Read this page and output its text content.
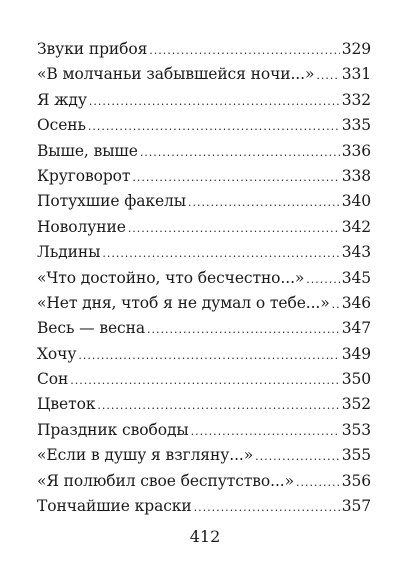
Звуки прибоя .....	329
«В молчаньи забывшейся ночи...» ..... 331
Я жду .....	332
Осень .....	335
Выше, выше .....	336
Круговорот .....	338
Потухшие факелы .....	340
Новолуние .....	342
Льдины .....	343
«Что достойно, что бесчестно...» ..... 345
«Нет дня, чтоб я не думал о тебе...» ..... 346
Весь — весна .....	347
Хочу .....	349
Сон .....	350
Цветок .....	352
Праздник свободы .....	353
«Если в душу я взгляну...» .....	355
«Я полюбил свое беспутство...» .....	356
Тончайшие краски .....	357
412
